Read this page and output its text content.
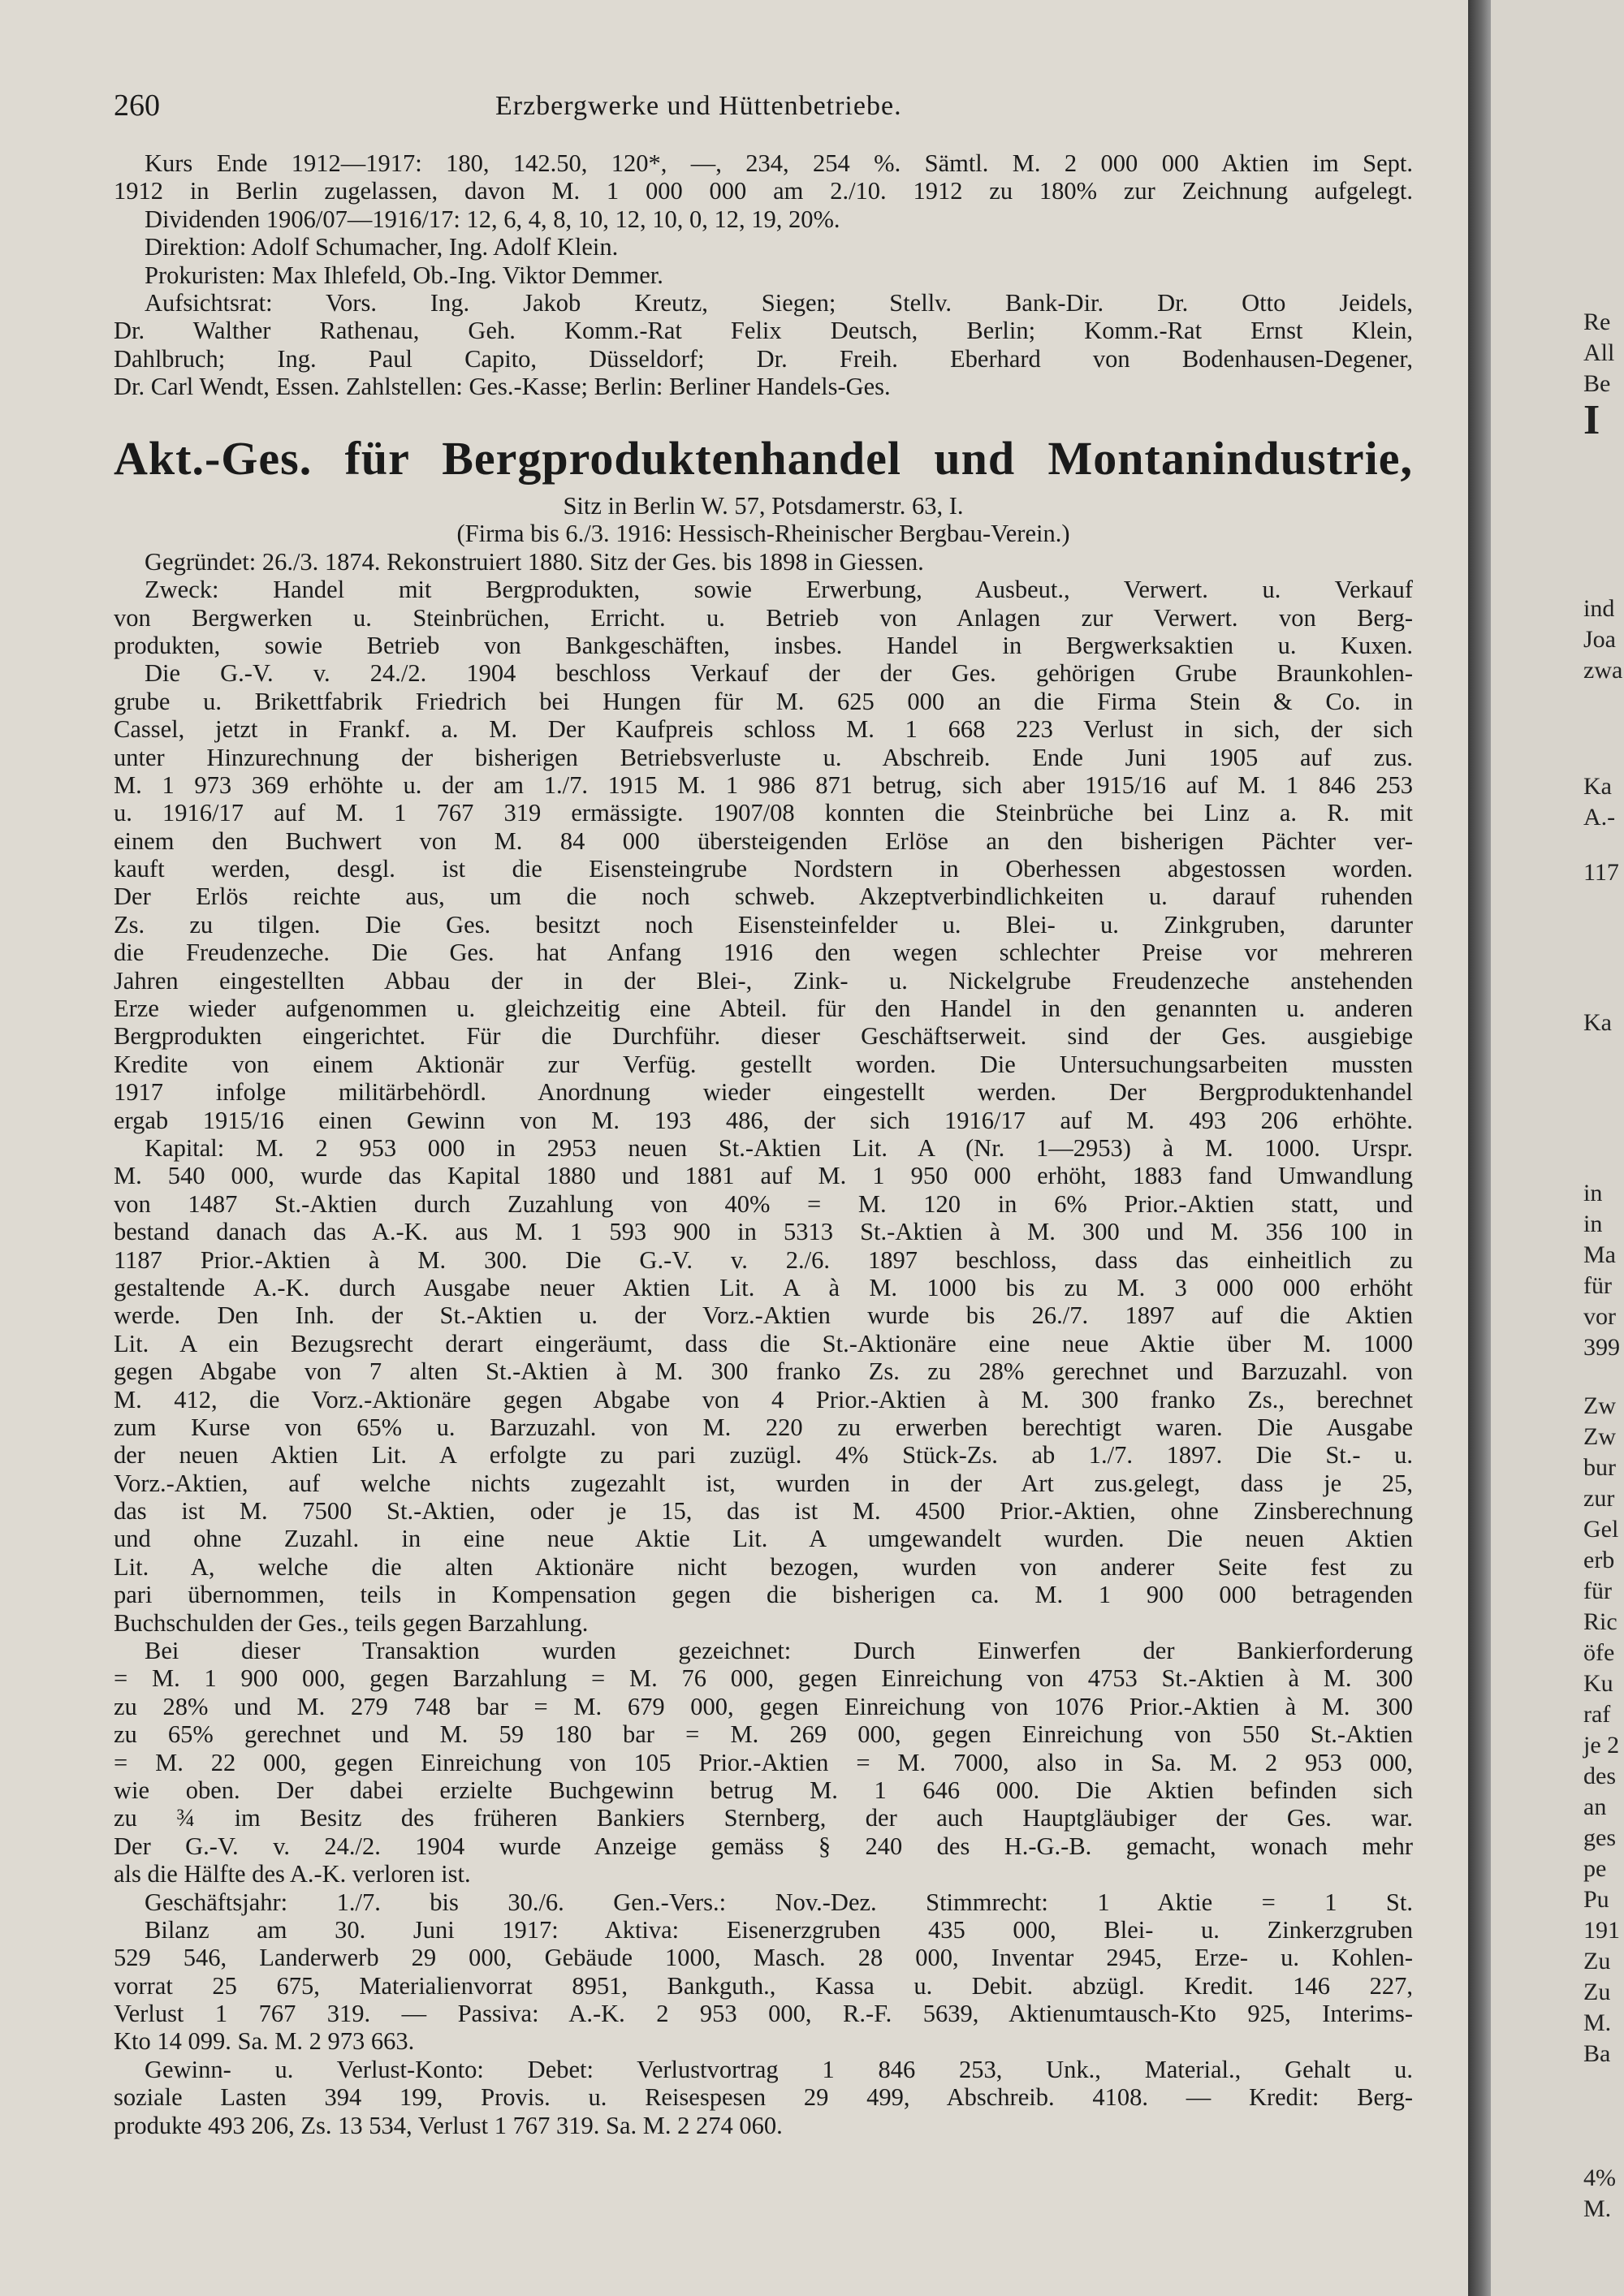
260	Erzbergwerke und Hüttenbetriebe.
Kurs Ende 1912—1917: 180, 142.50, 120*, —, 234, 254 %. Sämtl. M. 2 000 000 Aktien im Sept.
1912 in Berlin zugelassen, davon M. 1 000 000 am 2./10. 1912 zu 180% zur Zeichnung aufgelegt.
Dividenden 1906/07—1916/17: 12, 6, 4, 8, 10, 12, 10, 0, 12, 19, 20%.
Direktion: Adolf Schumacher, Ing. Adolf Klein.
Prokuristen: Max Ihlefeld, Ob.-Ing. Viktor Demmer.
Aufsichtsrat: Vors. Ing. Jakob Kreutz, Siegen; Stellv. Bank-Dir. Dr. Otto Jeidels,
Dr. Walther Rathenau, Geh. Komm.-Rat Felix Deutsch, Berlin; Komm.-Rat Ernst Klein,
Dahlbruch; Ing. Paul Capito, Düsseldorf; Dr. Freih. Eberhard von Bodenhausen-Degener,
Dr. Carl Wendt, Essen. Zahlstellen: Ges.-Kasse; Berlin: Berliner Handels-Ges.
Akt.-Ges. für Bergproduktenhandel und Montanindustrie,
Sitz in Berlin W. 57, Potsdamerstr. 63, I.
(Firma bis 6./3. 1916: Hessisch-Rheinischer Bergbau-Verein.)
Gegründet: 26./3. 1874. Rekonstruiert 1880. Sitz der Ges. bis 1898 in Giessen.
Zweck: Handel mit Bergprodukten, sowie Erwerbung, Ausbeut., Verwert. u. Verkauf
von Bergwerken u. Steinbrüchen, Erricht. u. Betrieb von Anlagen zur Verwert. von Berg-
produkten, sowie Betrieb von Bankgeschäften, insbes. Handel in Bergwerksaktien u. Kuxen.
Die G.-V. v. 24./2. 1904 beschloss Verkauf der der Ges. gehörigen Grube Braunkohlen-
grube u. Brikettfabrik Friedrich bei Hungen für M. 625 000 an die Firma Stein & Co. in
Cassel, jetzt in Frankf. a. M. Der Kaufpreis schloss M. 1 668 223 Verlust in sich, der sich
unter Hinzurechnung der bisherigen Betriebsverluste u. Abschreib. Ende Juni 1905 auf zus.
M. 1 973 369 erhöhte u. der am 1./7. 1915 M. 1 986 871 betrug, sich aber 1915/16 auf M. 1 846 253
u. 1916/17 auf M. 1 767 319 ermässigte. 1907/08 konnten die Steinbrüche bei Linz a. R. mit
einem den Buchwert von M. 84 000 übersteigenden Erlöse an den bisherigen Pächter ver-
kauft werden, desgl. ist die Eisensteingrube Nordstern in Oberhessen abgestossen worden.
Der Erlös reichte aus, um die noch schweb. Akzeptverbindlichkeiten u. darauf ruhenden
Zs. zu tilgen. Die Ges. besitzt noch Eisensteinfelder u. Blei- u. Zinkgruben, darunter
die Freudenzeche. Die Ges. hat Anfang 1916 den wegen schlechter Preise vor mehreren
Jahren eingestellten Abbau der in der Blei-, Zink- u. Nickelgrube Freudenzeche anstehenden
Erze wieder aufgenommen u. gleichzeitig eine Abteil. für den Handel in den genannten u. anderen
Bergprodukten eingerichtet. Für die Durchführ. dieser Geschäftserweit. sind der Ges. ausgiebige
Kredite von einem Aktionär zur Verfüg. gestellt worden. Die Untersuchungsarbeiten mussten
1917 infolge militärbehördl. Anordnung wieder eingestellt werden. Der Bergproduktenhandel
ergab 1915/16 einen Gewinn von M. 193 486, der sich 1916/17 auf M. 493 206 erhöhte.
Kapital: M. 2 953 000 in 2953 neuen St.-Aktien Lit. A (Nr. 1—2953) à M. 1000. Urspr.
M. 540 000, wurde das Kapital 1880 und 1881 auf M. 1 950 000 erhöht, 1883 fand Umwandlung
von 1487 St.-Aktien durch Zuzahlung von 40% = M. 120 in 6% Prior.-Aktien statt, und
bestand danach das A.-K. aus M. 1 593 900 in 5313 St.-Aktien à M. 300 und M. 356 100 in
1187 Prior.-Aktien à M. 300. Die G.-V. v. 2./6. 1897 beschloss, dass das einheitlich zu
gestaltende A.-K. durch Ausgabe neuer Aktien Lit. A à M. 1000 bis zu M. 3 000 000 erhöht
werde. Den Inh. der St.-Aktien u. der Vorz.-Aktien wurde bis 26./7. 1897 auf die Aktien
Lit. A ein Bezugsrecht derart eingeräumt, dass die St.-Aktionäre eine neue Aktie über M. 1000
gegen Abgabe von 7 alten St.-Aktien à M. 300 franko Zs. zu 28% gerechnet und Barzuzahl. von
M. 412, die Vorz.-Aktionäre gegen Abgabe von 4 Prior.-Aktien à M. 300 franko Zs., berechnet
zum Kurse von 65% u. Barzuzahl. von M. 220 zu erwerben berechtigt waren. Die Ausgabe
der neuen Aktien Lit. A erfolgte zu pari zuzügl. 4% Stück-Zs. ab 1./7. 1897. Die St.- u.
Vorz.-Aktien, auf welche nichts zugezahlt ist, wurden in der Art zus.gelegt, dass je 25,
das ist M. 7500 St.-Aktien, oder je 15, das ist M. 4500 Prior.-Aktien, ohne Zinsberechnung
und ohne Zuzahl. in eine neue Aktie Lit. A umgewandelt wurden. Die neuen Aktien
Lit. A, welche die alten Aktionäre nicht bezogen, wurden von anderer Seite fest zu
pari übernommen, teils in Kompensation gegen die bisherigen ca. M. 1 900 000 betragenden
Buchschulden der Ges., teils gegen Barzahlung.
Bei dieser Transaktion wurden gezeichnet: Durch Einwerfen der Bankierforderung
= M. 1 900 000, gegen Barzahlung = M. 76 000, gegen Einreichung von 4753 St.-Aktien à M. 300
zu 28% und M. 279 748 bar = M. 679 000, gegen Einreichung von 1076 Prior.-Aktien à M. 300
zu 65% gerechnet und M. 59 180 bar = M. 269 000, gegen Einreichung von 550 St.-Aktien
= M. 22 000, gegen Einreichung von 105 Prior.-Aktien = M. 7000, also in Sa. M. 2 953 000,
wie oben. Der dabei erzielte Buchgewinn betrug M. 1 646 000. Die Aktien befinden sich
zu ¾ im Besitz des früheren Bankiers Sternberg, der auch Hauptgläubiger der Ges. war.
Der G.-V. v. 24./2. 1904 wurde Anzeige gemäss § 240 des H.-G.-B. gemacht, wonach mehr
als die Hälfte des A.-K. verloren ist.
Geschäftsjahr: 1./7. bis 30./6. Gen.-Vers.: Nov.-Dez. Stimmrecht: 1 Aktie = 1 St.
Bilanz am 30. Juni 1917: Aktiva: Eisenerzgruben 435 000, Blei- u. Zinkerzgruben
529 546, Landerwerb 29 000, Gebäude 1000, Masch. 28 000, Inventar 2945, Erze- u. Kohlen-
vorrat 25 675, Materialienvorrat 8951, Bankguth., Kassa u. Debit. abzügl. Kredit. 146 227,
Verlust 1 767 319. — Passiva: A.-K. 2 953 000, R.-F. 5639, Aktienumtausch-Kto 925, Interims-
Kto 14 099. Sa. M. 2 973 663.
Gewinn- u. Verlust-Konto: Debet: Verlustvortrag 1 846 253, Unk., Material., Gehalt u.
soziale Lasten 394 199, Provis. u. Reisespesen 29 499, Abschreib. 4108. — Kredit: Berg-
produkte 493 206, Zs. 13 534, Verlust 1 767 319. Sa. M. 2 274 060.
Re
All
Be
I
ind
Joa
zwa
Ka
A.-
117
Ka
in
in
Ma
für
vor
399
Zw
Zw
bur
zur
Gel
erb
für
Ric
öfe
Ku
raf
je 2
des
an
ges
pe
Pu
191
Zu
Zu
M.
Ba
4%
M.
